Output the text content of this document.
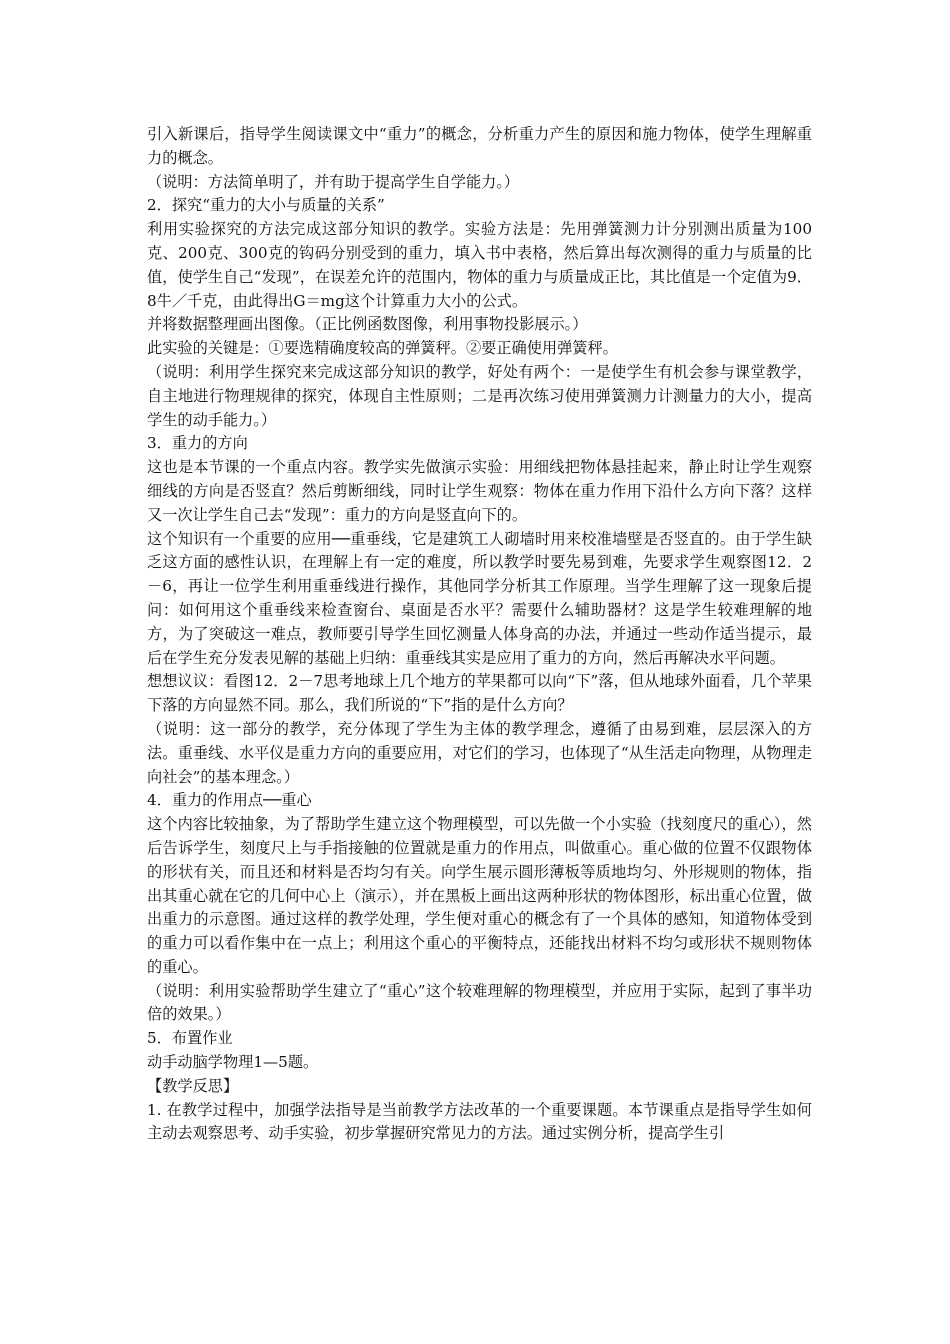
引入新课后，指导学生阅读课文中“重力”的概念，分析重力产生的原因和施力物体，使学生理解重力的概念。

（说明：方法简单明了，并有助于提高学生自学能力。）

2．探究“重力的大小与质量的关系”

利用实验探究的方法完成这部分知识的教学。实验方法是：先用弹簧测力计分别测出质量为100克、200克、300克的钩码分别受到的重力，填入书中表格，然后算出每次测得的重力与质量的比值，使学生自己“发现”，在误差允许的范围内，物体的重力与质量成正比，其比值是一个定值为9．8牛／千克，由此得出G＝mg这个计算重力大小的公式。

并将数据整理画出图像。（正比例函数图像，利用事物投影展示。）

此实验的关键是：①要选精确度较高的弹簧秤。②要正确使用弹簧秤。

（说明：利用学生探究来完成这部分知识的教学，好处有两个：一是使学生有机会参与课堂教学，自主地进行物理规律的探究，体现自主性原则；二是再次练习使用弹簧测力计测量力的大小，提高学生的动手能力。）

3．重力的方向

这也是本节课的一个重点内容。教学实先做演示实验：用细线把物体悬挂起来，静止时让学生观察细线的方向是否竖直？然后剪断细线，同时让学生观察：物体在重力作用下沿什么方向下落？这样又一次让学生自己去“发现”：重力的方向是竖直向下的。

这个知识有一个重要的应用──重垂线，它是建筑工人砌墙时用来校准墙壁是否竖直的。由于学生缺乏这方面的感性认识，在理解上有一定的难度，所以教学时要先易到难，先要求学生观察图12．2－6，再让一位学生利用重垂线进行操作，其他同学分析其工作原理。当学生理解了这一现象后提问：如何用这个重垂线来检查窗台、桌面是否水平？需要什么辅助器材？这是学生较难理解的地方，为了突破这一难点，教师要引导学生回忆测量人体身高的办法，并通过一些动作适当提示，最后在学生充分发表见解的基础上归纳：重垂线其实是应用了重力的方向，然后再解决水平问题。

想想议议：看图12．2－7思考地球上几个地方的苹果都可以向“下”落，但从地球外面看，几个苹果下落的方向显然不同。那么，我们所说的“下”指的是什么方向？

（说明：这一部分的教学，充分体现了学生为主体的教学理念，遵循了由易到难，层层深入的方法。重垂线、水平仪是重力方向的重要应用，对它们的学习，也体现了“从生活走向物理，从物理走向社会”的基本理念。）

4．重力的作用点──重心

这个内容比较抽象，为了帮助学生建立这个物理模型，可以先做一个小实验（找刻度尺的重心），然后告诉学生，刻度尺上与手指接触的位置就是重力的作用点，叫做重心。重心做的位置不仅跟物体的形状有关，而且还和材料是否均匀有关。向学生展示圆形薄板等质地均匀、外形规则的物体，指出其重心就在它的几何中心上（演示），并在黑板上画出这两种形状的物体图形，标出重心位置，做出重力的示意图。通过这样的教学处理，学生便对重心的概念有了一个具体的感知，知道物体受到的重力可以看作集中在一点上；利用这个重心的平衡特点，还能找出材料不均匀或形状不规则物体的重心。

（说明：利用实验帮助学生建立了“重心”这个较难理解的物理模型，并应用于实际，起到了事半功倍的效果。）

5．布置作业

动手动脑学物理1—5题。

【教学反思】

1. 在教学过程中，加强学法指导是当前教学方法改革的一个重要课题。本节课重点是指导学生如何主动去观察思考、动手实验，初步掌握研究常见力的方法。通过实例分析，提高学生引
